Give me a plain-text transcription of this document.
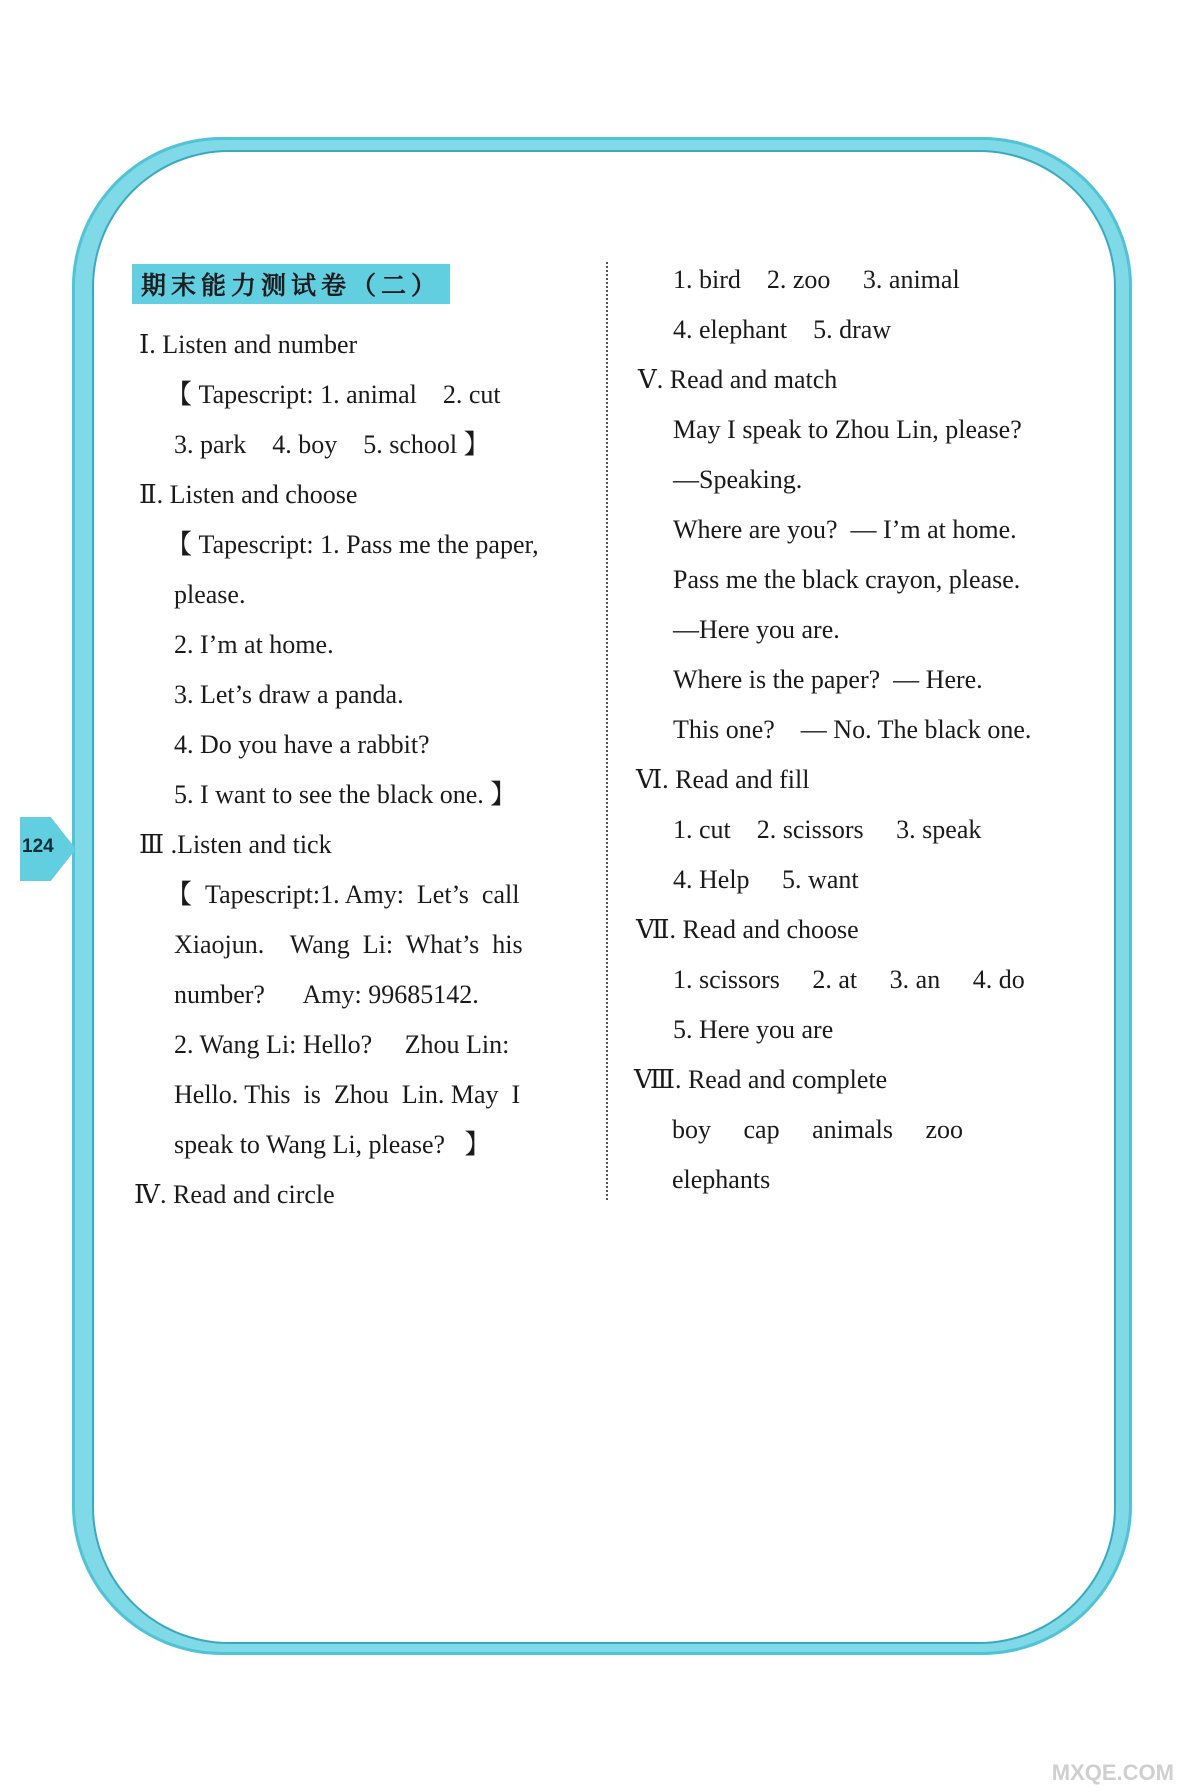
124
期末能力测试卷（二）
Ⅰ. Listen and number
【 Tapescript: 1. animal    2. cut
3. park    4. boy    5. school 】
Ⅱ. Listen and choose
【 Tapescript: 1. Pass me the paper,
please.
2. I’m at home.
3. Let’s draw a panda.
4. Do you have a rabbit?
5. I want to see the black one. 】
Ⅲ .Listen and tick
【  Tapescript:1. Amy:  Let’s  call
Xiaojun.    Wang  Li:  What’s  his
number?      Amy: 99685142.
2. Wang Li: Hello?     Zhou Lin:
Hello. This  is  Zhou  Lin. May  I
speak to Wang Li, please?   】
Ⅳ. Read and circle
1. bird    2. zoo     3. animal
4. elephant    5. draw
Ⅴ. Read and match
May I speak to Zhou Lin, please?
—Speaking.
Where are you?  — I’m at home.
Pass me the black crayon, please.
—Here you are.
Where is the paper?  — Here.
This one?    — No. The black one.
Ⅵ. Read and fill
1. cut    2. scissors     3. speak
4. Help     5. want
Ⅶ. Read and choose
1. scissors     2. at     3. an     4. do
5. Here you are
Ⅷ. Read and complete
boy     cap     animals     zoo
elephants
MXQE.COM
